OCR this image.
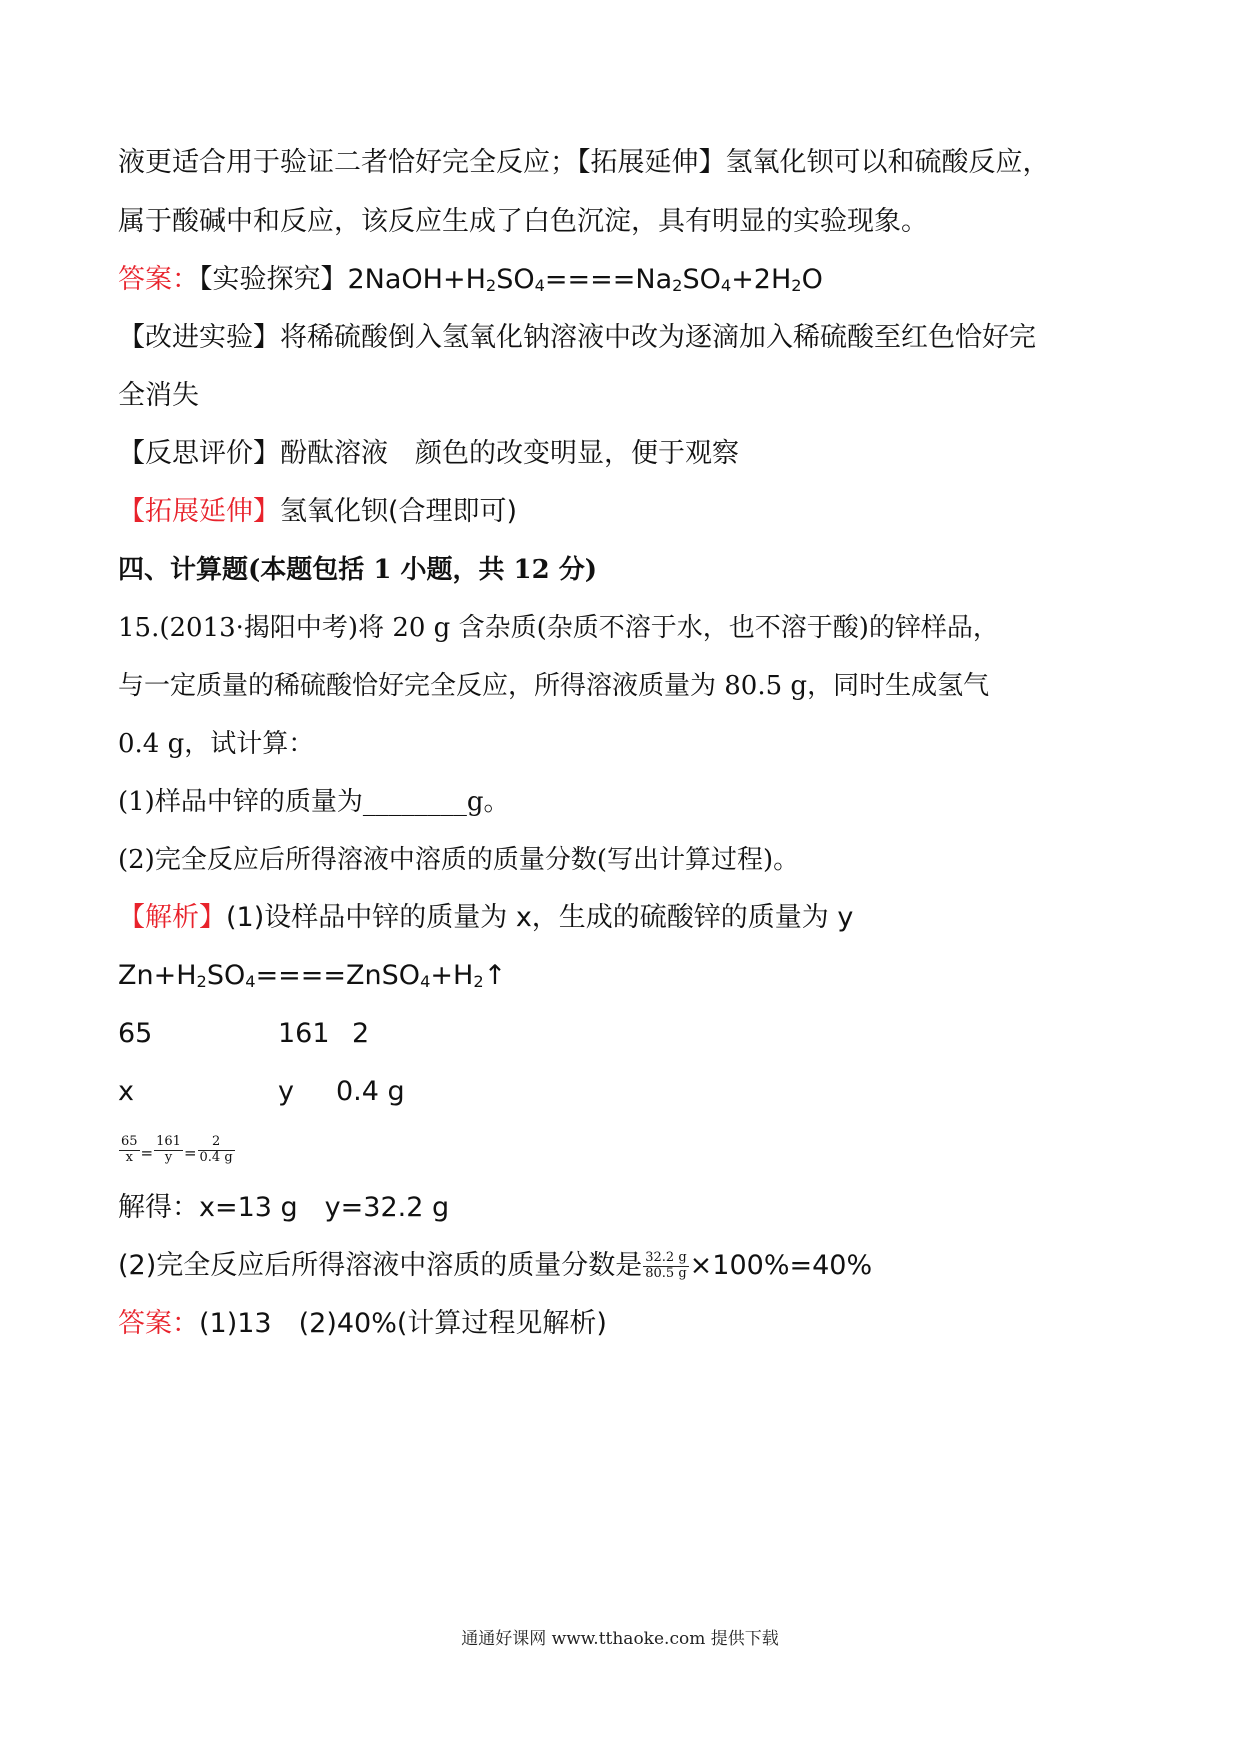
液更适合用于验证二者恰好完全反应；【拓展延伸】氢氧化钡可以和硫酸反应，
属于酸碱中和反应，该反应生成了白色沉淀，具有明显的实验现象。
答案：【实验探究】$2NaOH+H_2SO_4====Na_2SO_4+2H_2O$
【改进实验】将稀硫酸倒入氢氧化钠溶液中改为逐滴加入稀硫酸至红色恰好完
全消失
【反思评价】酚酞溶液　颜色的改变明显，便于观察
【拓展延伸】氢氧化钡(合理即可)
四、计算题(本题包括 1 小题，共 12 分)
15.(2013·揭阳中考)将 20 g 含杂质(杂质不溶于水，也不溶于酸)的锌样品，
与一定质量的稀硫酸恰好完全反应，所得溶液质量为 80.5 g，同时生成氢气
0.4 g，试计算：
(1)样品中锌的质量为________g。
(2)完全反应后所得溶液中溶质的质量分数(写出计算过程)。
【解析】(1)设样品中锌的质量为 x，生成的硫酸锌的质量为 y
$Zn+H_2SO_4====ZnSO_4+H_2↑$
65	161 2
x	y 0.4 g
$\frac{65}{x} = \frac{161}{y} = \frac{2}{0.4 g}$
解得：x=13 g　y=32.2 g
(2)完全反应后所得溶液中溶质的质量分数是 $\frac{32.2 g}{80.5 g} \times 100\%=40\%$
答案：(1)13　(2)40%(计算过程见解析)
通通好课网 www.tthaoke.com 提供下载
